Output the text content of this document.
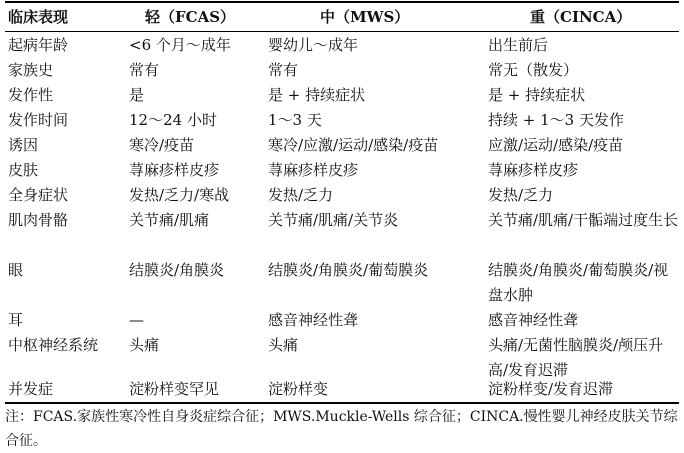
临床表现	轻（FCAS）	中（MWS）	重（CINCA）
起病年龄	<6 个月～成年	婴幼儿～成年	出生前后
家族史	常有	常有	常无（散发）
发作性	是	是 + 持续症状	是 + 持续症状
发作时间	12～24 小时	1～3 天	持续 + 1～3 天发作
诱因	寒冷/疫苗	寒冷/应激/运动/感染/疫苗	应激/运动/感染/疫苗
皮肤	荨麻疹样皮疹	荨麻疹样皮疹	荨麻疹样皮疹
全身症状	发热/乏力/寒战	发热/乏力	发热/乏力
肌肉骨骼	关节痛/肌痛	关节痛/肌痛/关节炎	关节痛/肌痛/干骺端过度生长
眼	结膜炎/角膜炎	结膜炎/角膜炎/葡萄膜炎	结膜炎/角膜炎/葡萄膜炎/视盘水肿
耳	—	感音神经性聋	感音神经性聋
中枢神经系统	头痛	头痛	头痛/无菌性脑膜炎/颅压升高/发育迟滞
并发症	淀粉样变罕见	淀粉样变	淀粉样变/发育迟滞
注：FCAS.家族性寒冷性自身炎症综合征；MWS.Muckle-Wells 综合征；CINCA.慢性婴儿神经皮肤关节综合征。
